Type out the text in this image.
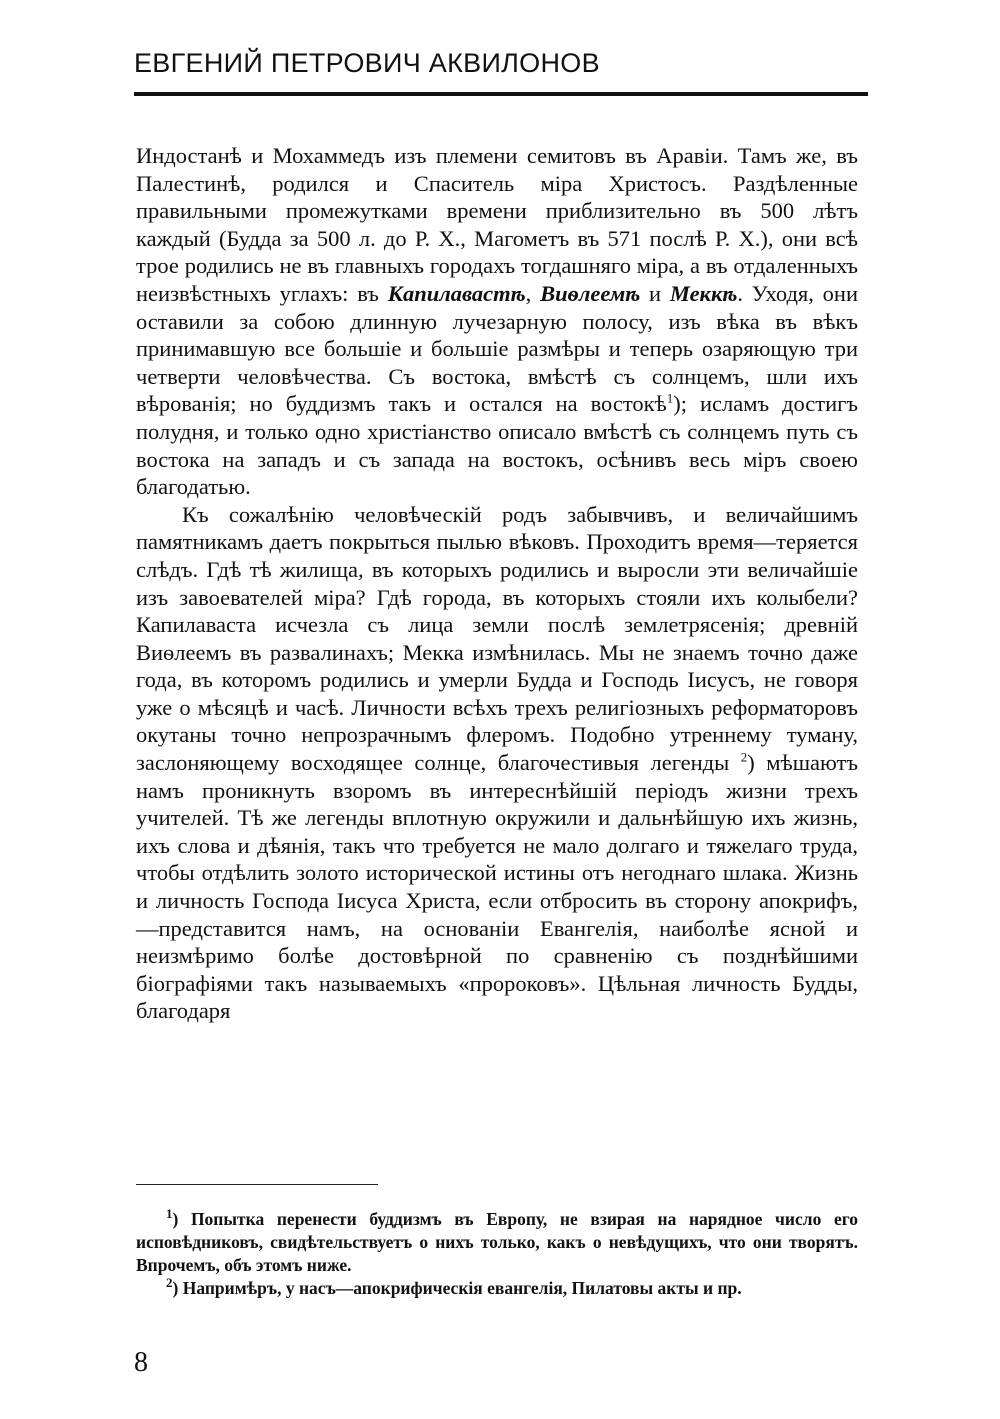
ЕВГЕНИЙ ПЕТРОВИЧ АКВИЛОНОВ

Индостанѣ и Мохаммедъ изъ племени семитовъ въ Аравіи. Тамъ же, въ Палестинѣ, родился и Спаситель міра Христосъ. Раздѣленные правильными промежутками времени приблизительно въ 500 лѣтъ каждый (Будда за 500 л. до Р. Х., Магометъ въ 571 послѣ Р. Х.), они всѣ трое родились не въ главныхъ городахъ тогдашняго міра, а въ отдаленныхъ неизвѣстныхъ углахъ: въ Капилавастѣ, Виѳлеемѣ и Меккѣ. Уходя, они оставили за собою длинную лучезарную полосу, изъ вѣка въ вѣкъ принимавшую все большіе и большіе размѣры и теперь озаряющую три четверти человѣчества. Съ востока, вмѣстѣ съ солнцемъ, шли ихъ вѣрованія; но буддизмъ такъ и остался на востокѣ$^1$); исламъ достигъ полудня, и только одно христіанство описало вмѣстѣ съ солнцемъ путь съ востока на западъ и съ запада на востокъ, осѣнивъ весь міръ своею благодатью.

Къ сожалѣнію человѣческій родъ забывчивъ, и величайшимъ памятникамъ даетъ покрыться пылью вѣковъ. Проходитъ время—теряется слѣдъ. Гдѣ тѣ жилища, въ которыхъ родились и выросли эти величайшіе изъ завоевателей міра? Гдѣ города, въ которыхъ стояли ихъ колыбели? Капилаваста исчезла съ лица земли послѣ землетрясенія; древній Виѳлеемъ въ развалинахъ; Мекка измѣнилась. Мы не знаемъ точно даже года, въ которомъ родились и умерли Будда и Господь Іисусъ, не говоря уже о мѣсяцѣ и часѣ. Личности всѣхъ трехъ религіозныхъ реформаторовъ окутаны точно непрозрачнымъ флеромъ. Подобно утреннему туману, заслоняющему восходящее солнце, благочестивыя легенды $^2$) мѣшаютъ намъ проникнуть взоромъ въ интереснѣйшій періодъ жизни трехъ учителей. Тѣ же легенды вплотную окружили и дальнѣйшую ихъ жизнь, ихъ слова и дѣянія, такъ что требуется не мало долгаго и тяжелаго труда, чтобы отдѣлить золото исторической истины отъ негоднаго шлака. Жизнь и личность Господа Іисуса Христа, если отбросить въ сторону апокрифъ,—представится намъ, на основаніи Евангелія, наиболѣе ясной и неизмѣримо болѣе достовѣрной по сравненію съ позднѣйшими біографіями такъ называемыхъ «пророковъ». Цѣльная личность Будды, благодаря

$^1$) Попытка перенести буддизмъ въ Европу, не взирая на нарядное число его исповѣдниковъ, свидѣтельствуетъ о нихъ только, какъ о невѣдущихъ, что они творятъ. Впрочемъ, объ этомъ ниже.

$^2$) Напримѣръ, у насъ—апокрифическія евангелія, Пилатовы акты и пр.

8
